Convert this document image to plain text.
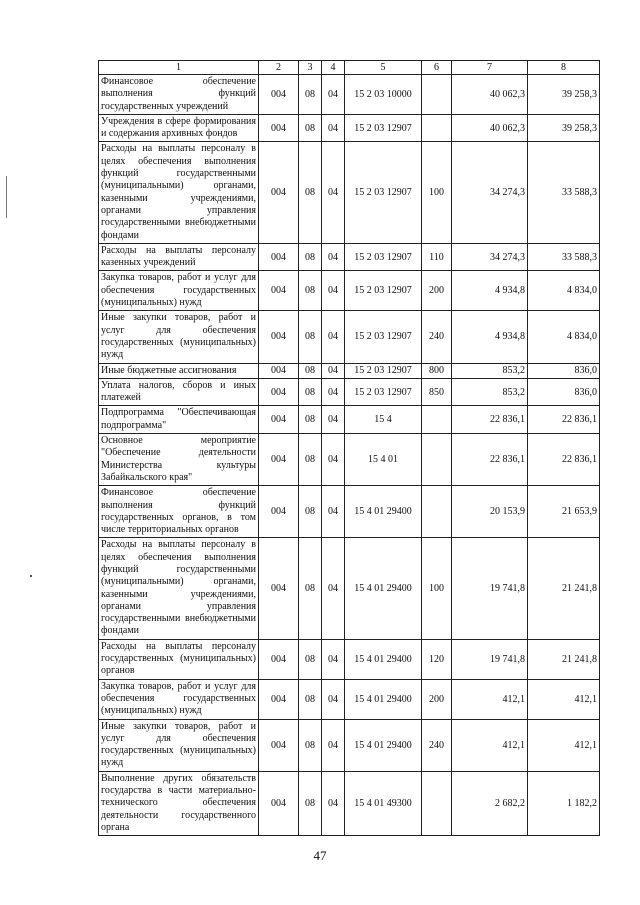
1	2	3	4	5	6	7	8
Финансовое обеспечение выполнения функций государственных учреждений	004	08	04	15 2 03 10000		40 062,3	39 258,3
Учреждения в сфере формирования и содержания архивных фондов	004	08	04	15 2 03 12907		40 062,3	39 258,3
Расходы на выплаты персоналу в целях обеспечения выполнения функций государственными (муниципальными) органами, казенными учреждениями, органами управления государственными внебюджетными фондами	004	08	04	15 2 03 12907	100	34 274,3	33 588,3
Расходы на выплаты персоналу казенных учреждений	004	08	04	15 2 03 12907	110	34 274,3	33 588,3
Закупка товаров, работ и услуг для обеспечения государственных (муниципальных) нужд	004	08	04	15 2 03 12907	200	4 934,8	4 834,0
Иные закупки товаров, работ и услуг для обеспечения государственных (муниципальных) нужд	004	08	04	15 2 03 12907	240	4 934,8	4 834,0
Иные бюджетные ассигнования	004	08	04	15 2 03 12907	800	853,2	836,0
Уплата налогов, сборов и иных платежей	004	08	04	15 2 03 12907	850	853,2	836,0
Подпрограмма "Обеспечивающая подпрограмма"	004	08	04	15 4		22 836,1	22 836,1
Основное мероприятие "Обеспечение деятельности Министерства культуры Забайкальского края"	004	08	04	15 4 01		22 836,1	22 836,1
Финансовое обеспечение выполнения функций государственных органов, в том числе территориальных органов	004	08	04	15 4 01 29400		20 153,9	21 653,9
Расходы на выплаты персоналу в целях обеспечения выполнения функций государственными (муниципальными) органами, казенными учреждениями, органами управления государственными внебюджетными фондами	004	08	04	15 4 01 29400	100	19 741,8	21 241,8
Расходы на выплаты персоналу государственных (муниципальных) органов	004	08	04	15 4 01 29400	120	19 741,8	21 241,8
Закупка товаров, работ и услуг для обеспечения государственных (муниципальных) нужд	004	08	04	15 4 01 29400	200	412,1	412,1
Иные закупки товаров, работ и услуг для обеспечения государственных (муниципальных) нужд	004	08	04	15 4 01 29400	240	412,1	412,1
Выполнение других обязательств государства в части материально-технического обеспечения деятельности государственного органа	004	08	04	15 4 01 49300		2 682,2	1 182,2
47
